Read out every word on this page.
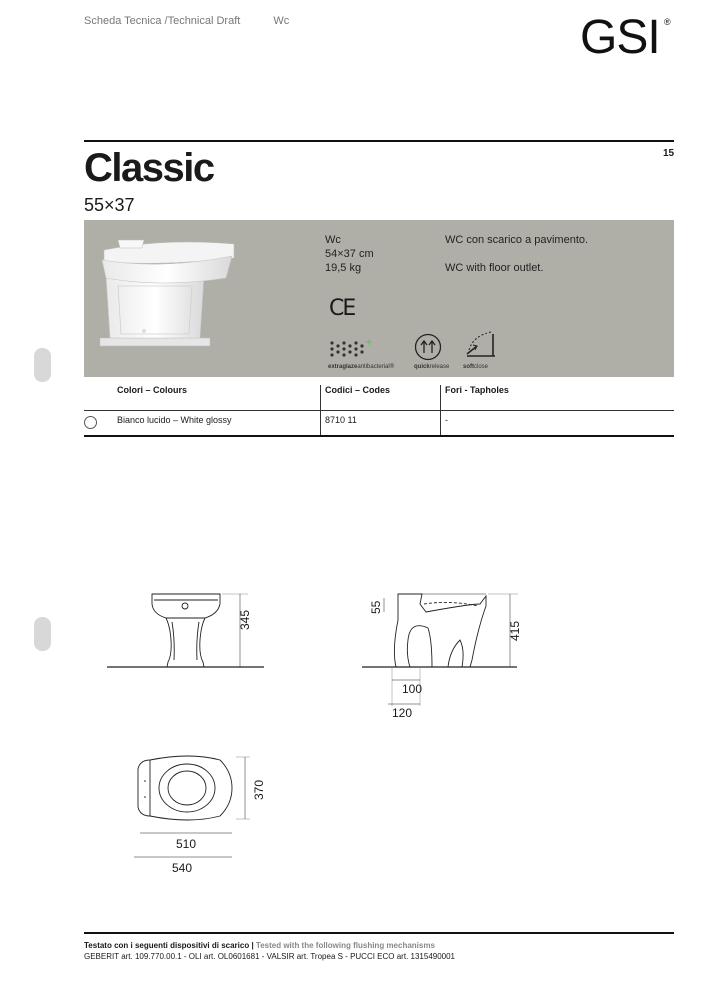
Scheda Tecnica /Technical Draft	Wc	GSI ®
15
Classic
55×37
Wc
54×37 cm
19,5 kg
WC con scarico a pavimento.
WC with floor outlet.
CE
extraglazeantibacterial®	quickrelease softclose
Colori – Colours	Codici – Codes	Fori - Tapholes
Bianco lucido – White glossy	8710 11	-
345
55
415
100
120
370
510
540
Testato con i seguenti dispositivi di scarico | Tested with the following flushing mechanisms
GEBERIT art. 109.770.00.1 - OLI art. OL0601681 - VALSIR art. Tropea S - PUCCI ECO art. 1315490001
